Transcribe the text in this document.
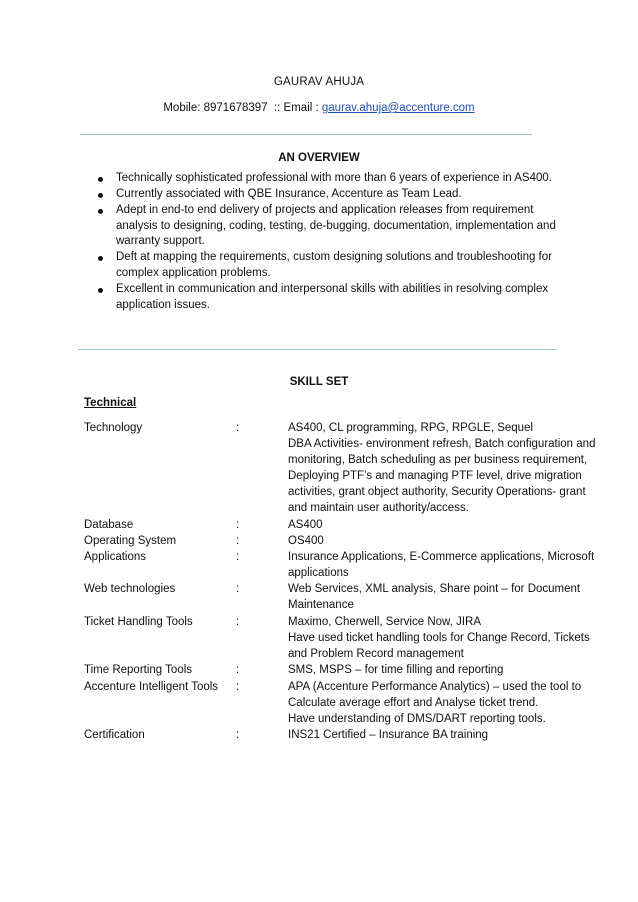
GAURAV AHUJA
Mobile: 8971678397  :: Email : gaurav.ahuja@accenture.com
AN OVERVIEW
Technically sophisticated professional with more than 6 years of experience in AS400.
Currently associated with QBE Insurance, Accenture as Team Lead.
Adept in end-to end delivery of projects and application releases from requirement analysis to designing, coding, testing, de-bugging, documentation, implementation and warranty support.
Deft at mapping the requirements, custom designing solutions and troubleshooting for complex application problems.
Excellent in communication and interpersonal skills with abilities in resolving complex application issues.
SKILL SET
Technical
Technology	:	AS400, CL programming, RPG, RPGLE, Sequel
DBA Activities- environment refresh, Batch configuration and monitoring, Batch scheduling as per business requirement, Deploying PTF’s and managing PTF level, drive migration activities, grant object authority, Security Operations- grant and maintain user authority/access.
Database	:	AS400
Operating System	:	OS400
Applications	:	Insurance Applications, E-Commerce applications, Microsoft applications
Web technologies	:	Web Services, XML analysis, Share point – for Document Maintenance
Ticket Handling Tools	:	Maximo, Cherwell, Service Now, JIRA
Have used ticket handling tools for Change Record, Tickets and Problem Record management
Time Reporting Tools	:	SMS, MSPS – for time filling and reporting
Accenture Intelligent Tools :	APA (Accenture Performance Analytics) – used the tool to Calculate average effort and Analyse ticket trend.
Have understanding of DMS/DART reporting tools.
Certification	:	INS21 Certified – Insurance BA training
